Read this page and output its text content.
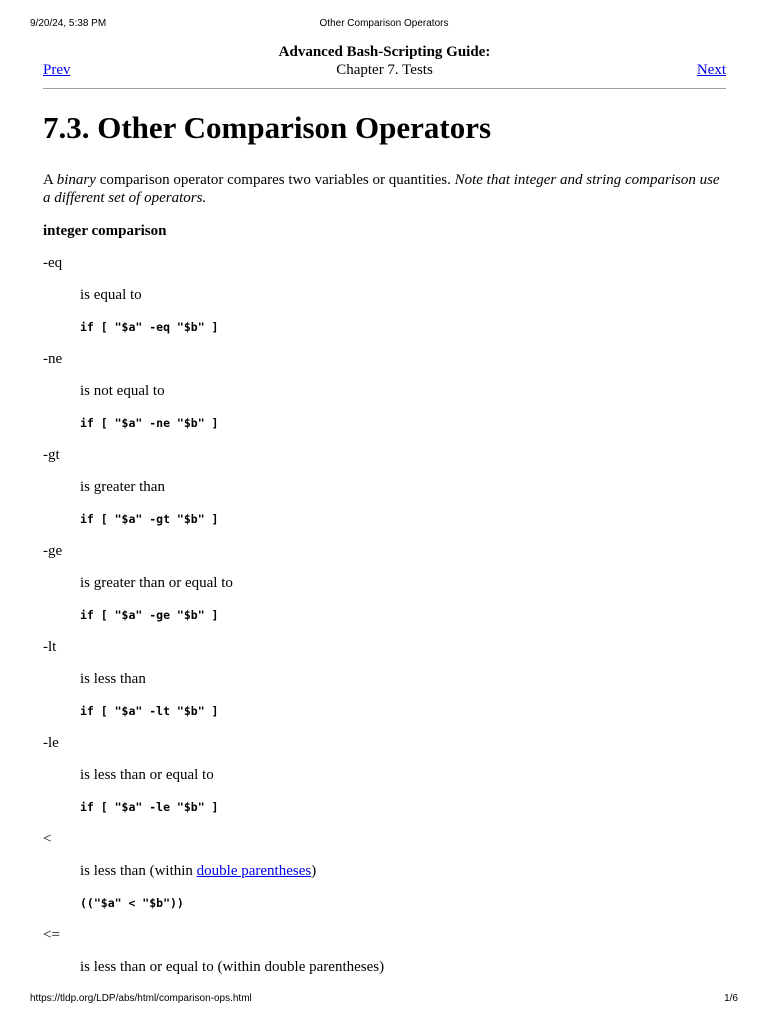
9/20/24, 5:38 PM	Other Comparison Operators
Advanced Bash-Scripting Guide:
Chapter 7. Tests
Prev	Next
7.3. Other Comparison Operators

A binary comparison operator compares two variables or quantities. Note that integer and string comparison use a different set of operators.

integer comparison
-eq
is equal to
if [ "$a" -eq "$b" ]
-ne
is not equal to
if [ "$a" -ne "$b" ]
-gt
is greater than
if [ "$a" -gt "$b" ]
-ge
is greater than or equal to
if [ "$a" -ge "$b" ]
-lt
is less than
if [ "$a" -lt "$b" ]
-le
is less than or equal to
if [ "$a" -le "$b" ]
<
is less than (within double parentheses)
(("$a" < "$b"))
<=
is less than or equal to (within double parentheses)
https://tldp.org/LDP/abs/html/comparison-ops.html	1/6
